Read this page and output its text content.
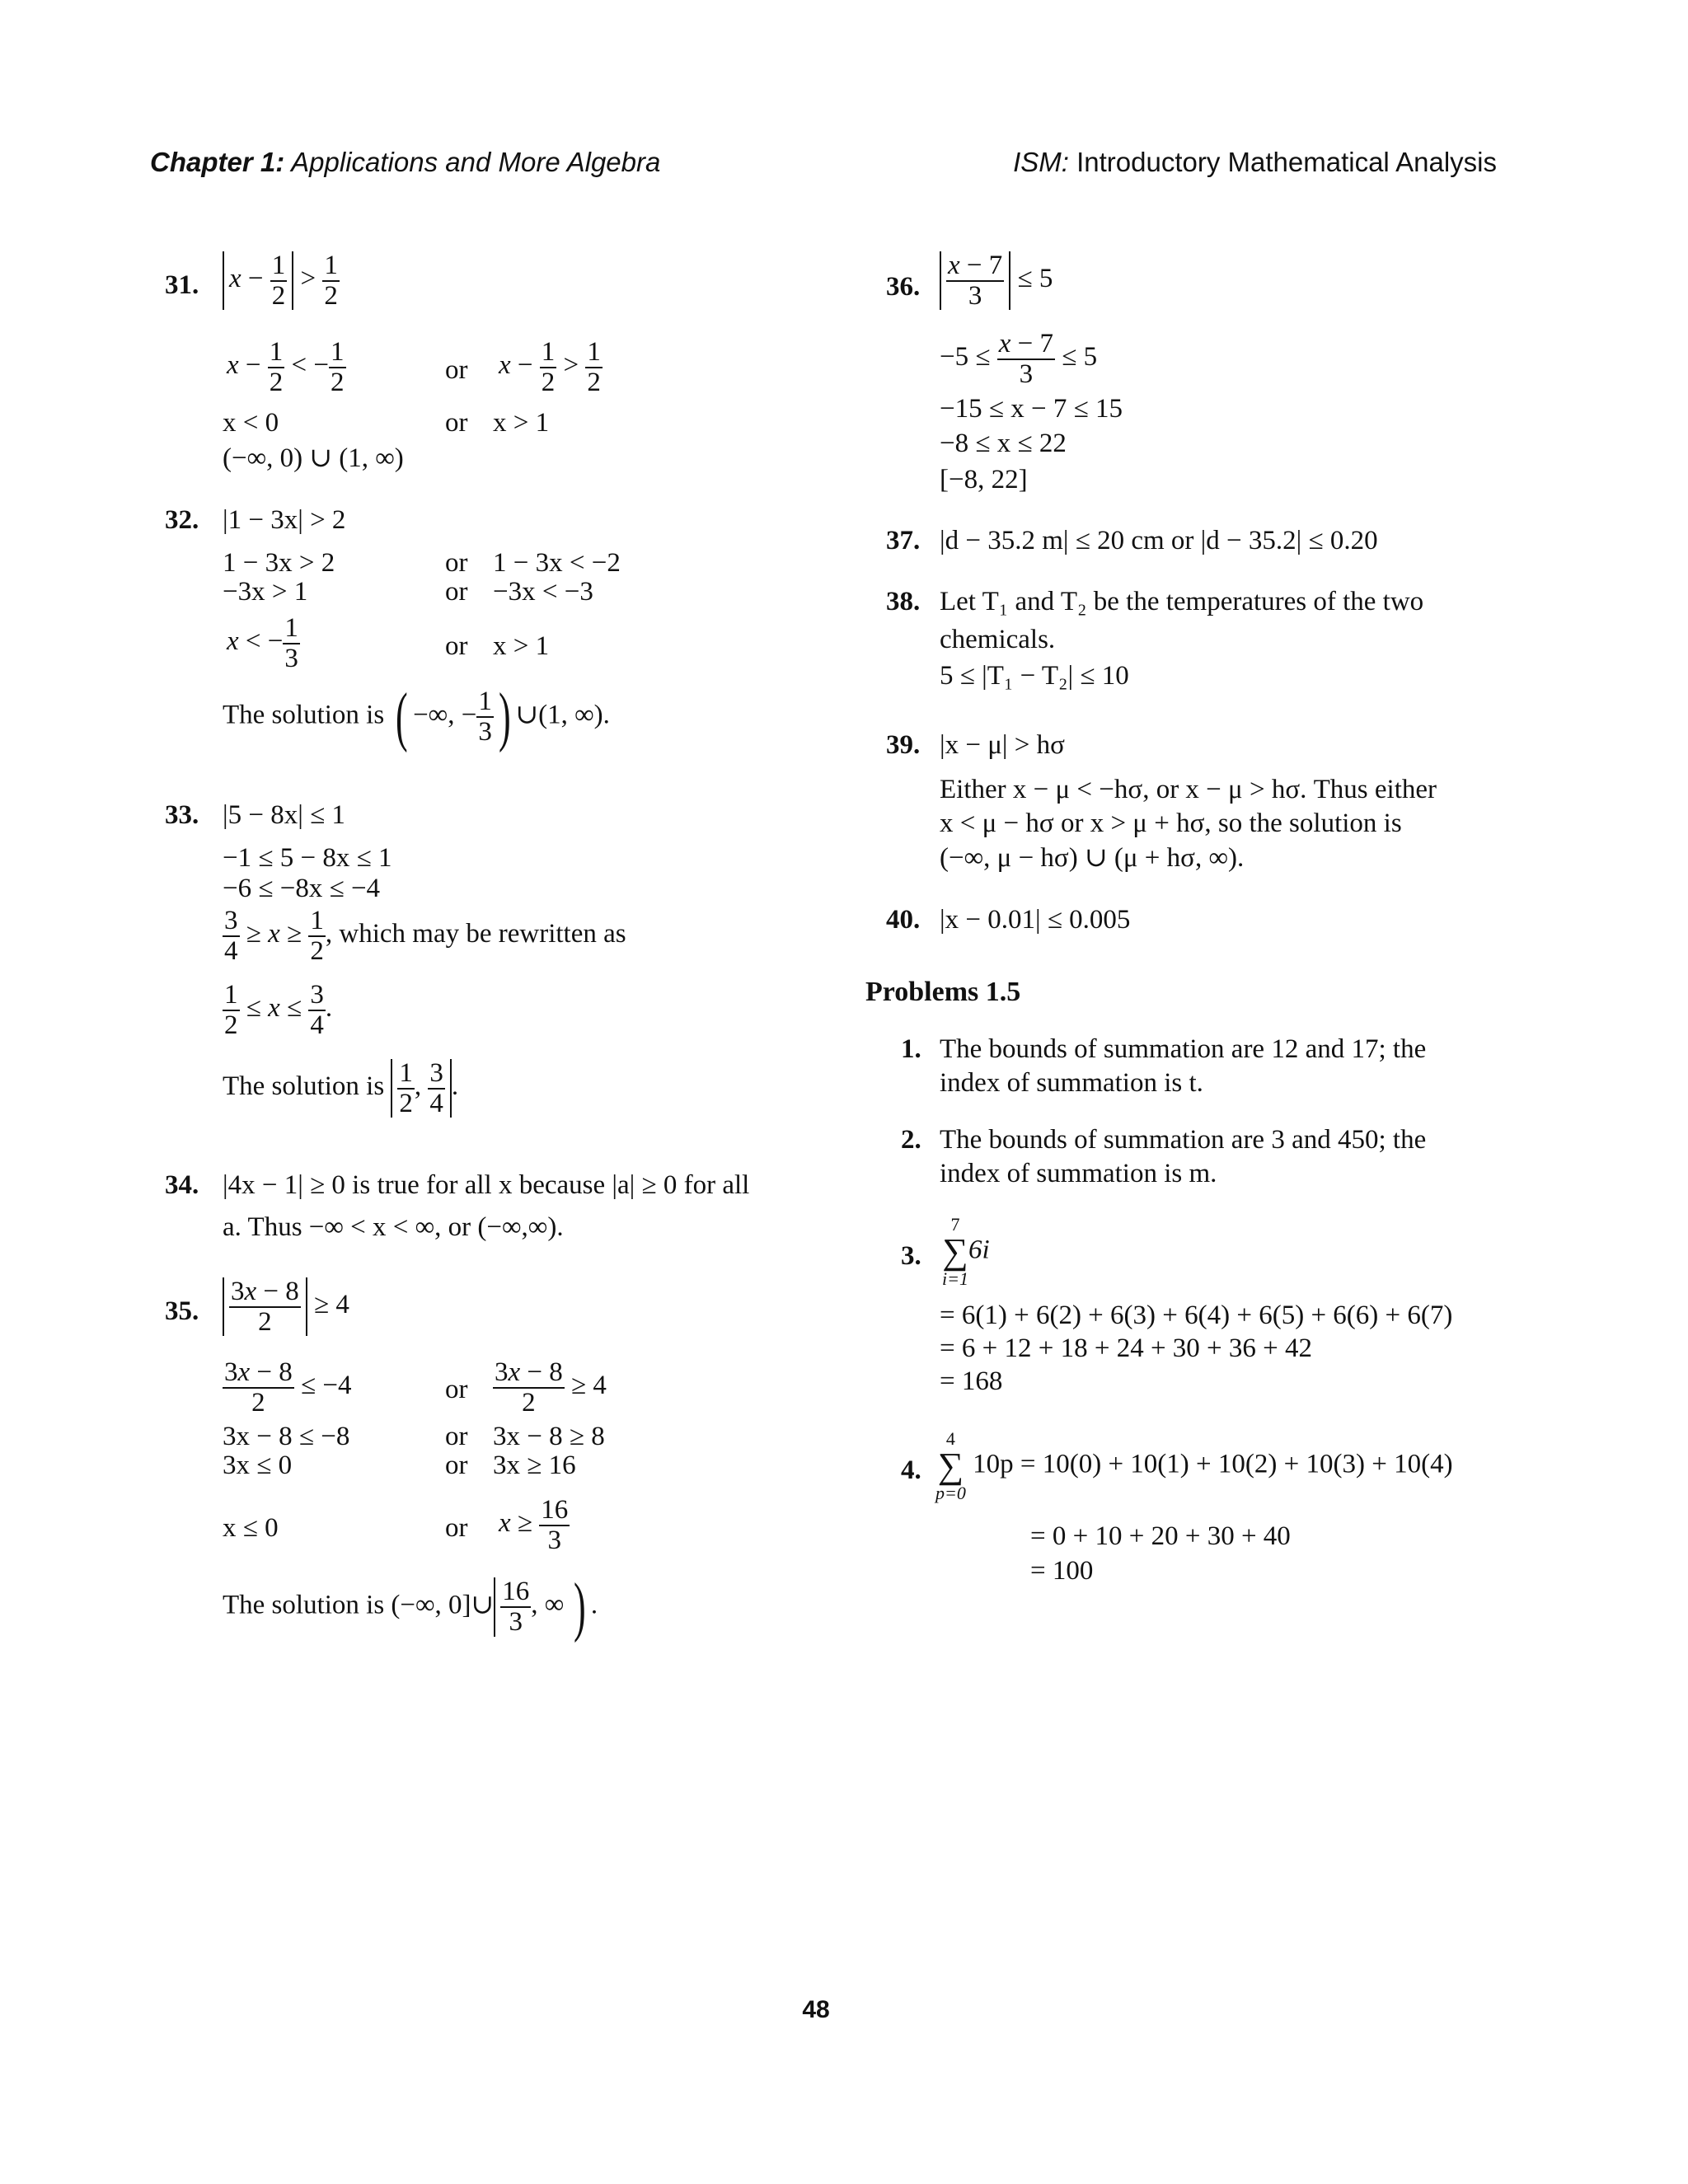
Chapter 1: Applications and More Algebra	ISM: Introductory Mathematical Analysis
31. $x - \frac{1}{2} > \frac{1}{2}$
$x - \frac{1}{2}$ < − $\frac{1}{2}$	or $x - \frac{1}{2} > \frac{1}{2}$
x < 0	or x > 1
(−∞, 0) ∪ (1, ∞)
32. |1 − 3x| > 2
1 − 3x > 2	or 1 − 3x < −2
−3x > 1	or −3x < −3
x < − $\frac{1}{3}$	or x > 1
The solution is ( −∞, − $\frac{1}{3}$ ) ∪(1, ∞).
33. |5 − 8x| ≤ 1
−1 ≤ 5 − 8x ≤ 1
−6 ≤ −8x ≤ −4
$\frac{3}{4} \ge x \ge \frac{1}{2}$ , which may be rewritten as
$\frac{1}{2} \le x \le \frac{3}{4}$ .
The solution is $\frac{1}{2}$ , $\frac{3}{4}$ .
34. |4x − 1| ≥ 0 is true for all x because |a| ≥ 0 for all
a. Thus −∞ < x < ∞, or (−∞,∞).
35. $\frac{3x - 8}{2} \ge 4$
$\frac{3x - 8}{2} \le -4$	or $\frac{3x - 8}{2} \ge 4$
3x − 8 ≤ −8	or 3x − 8 ≥ 8
3x ≤ 0	or 3x ≥ 16
x ≤ 0	or $x \ge \frac{16}{3}$
The solution is (−∞, 0]∪ $\frac{16}{3}$ , ∞ ) .
36. $\frac{x - 7}{3} \le 5$
$-5 \le \frac{x - 7}{3} \le 5$
−15 ≤ x − 7 ≤ 15
−8 ≤ x ≤ 22
[−8, 22]
37. |d − 35.2 m| ≤ 20 cm or |d − 35.2| ≤ 0.20
38. Let T₁ and T₂ be the temperatures of the two
chemicals.
5 ≤ |T₁ − T₂| ≤ 10
39. |x − μ| > hσ
Either x − μ < −hσ, or x − μ > hσ. Thus either
x < μ − hσ or x > μ + hσ, so the solution is
(−∞, μ − hσ) ∪ (μ + hσ, ∞).
40. |x − 0.01| ≤ 0.005
Problems 1.5
1. The bounds of summation are 12 and 17; the
index of summation is t.
2. The bounds of summation are 3 and 450; the
index of summation is m.
3.
7
∑
i=16i
= 6(1) + 6(2) + 6(3) + 6(4) + 6(5) + 6(6) + 6(7)
= 6 + 12 + 18 + 24 + 30 + 36 + 42
= 168
4.
4
∑
p=0 10p = 10(0) + 10(1) + 10(2) + 10(3) + 10(4)
= 0 + 10 + 20 + 30 + 40
= 100
48
